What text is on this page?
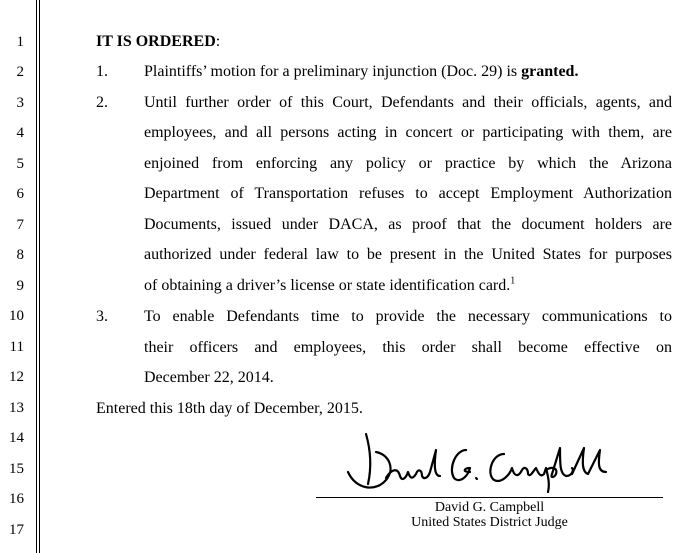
1
2
3
4
5
6
7
8
9
10
11
12
13
14
15
16
17
IT IS ORDERED:
1. Plaintiffs’ motion for a preliminary injunction (Doc. 29) is granted.
2. Until further order of this Court, Defendants and their officials, agents, and
employees, and all persons acting in concert or participating with them, are
enjoined from enforcing any policy or practice by which the Arizona
Department of Transportation refuses to accept Employment Authorization
Documents, issued under DACA, as proof that the document holders are
authorized under federal law to be present in the United States for purposes
of obtaining a driver’s license or state identification card.$^1$
3. To enable Defendants time to provide the necessary communications to
their officers and employees, this order shall become effective on
December 22, 2014.
Entered this 18th day of December, 2015.
David G. Campbell
United States District Judge
